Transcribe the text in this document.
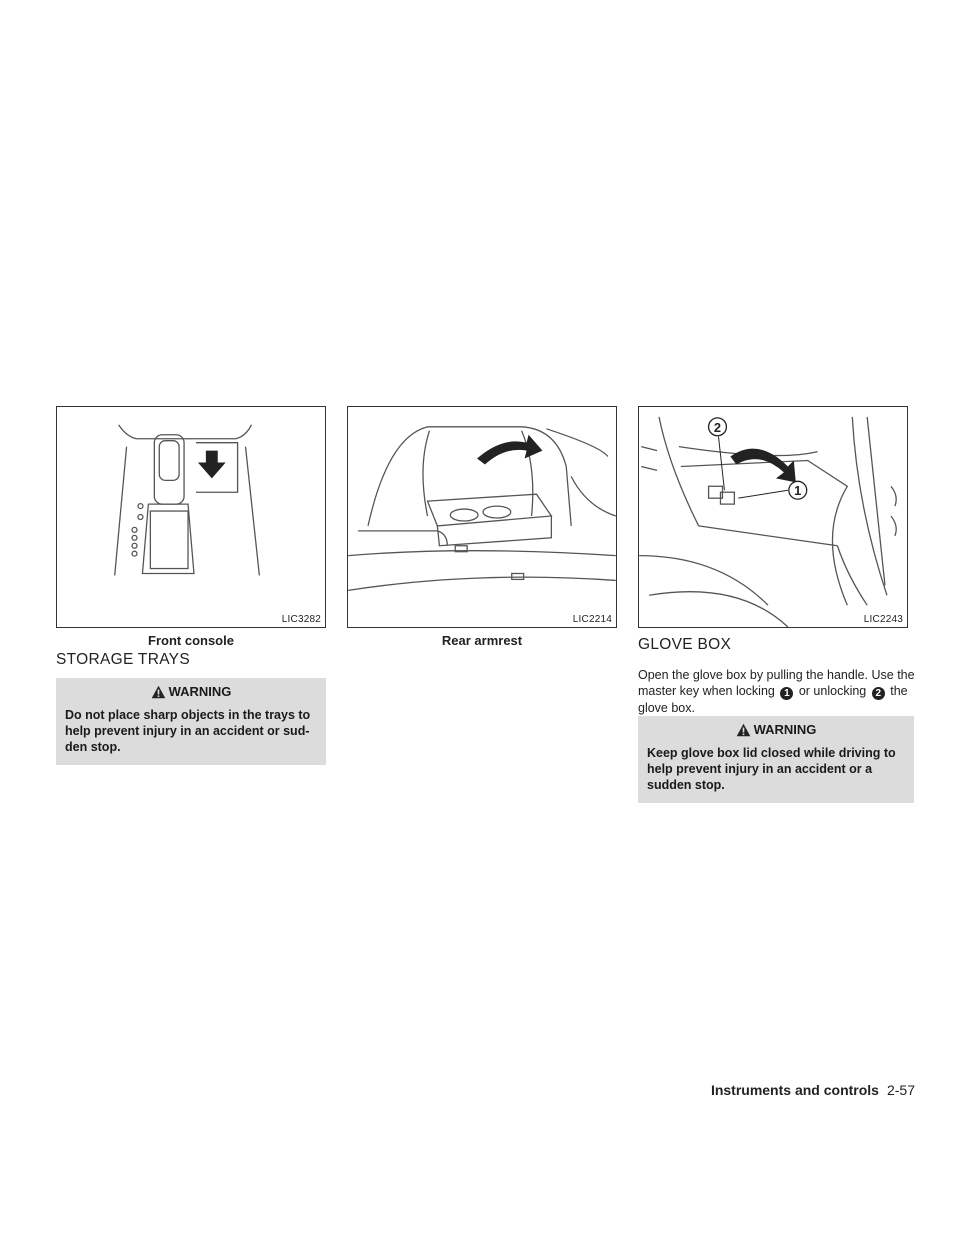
LIC3282
Front console
LIC2214
Rear armrest
2
1
LIC2243
STORAGE TRAYS
WARNING
Do not place sharp objects in the trays to help prevent injury in an accident or sud-den stop.
GLOVE BOX
Open the glove box by pulling the handle. Use the master key when locking 1 or unlocking 2 the glove box.
WARNING
Keep glove box lid closed while driving to help prevent injury in an accident or a sudden stop.
Instruments and controls 2-57
